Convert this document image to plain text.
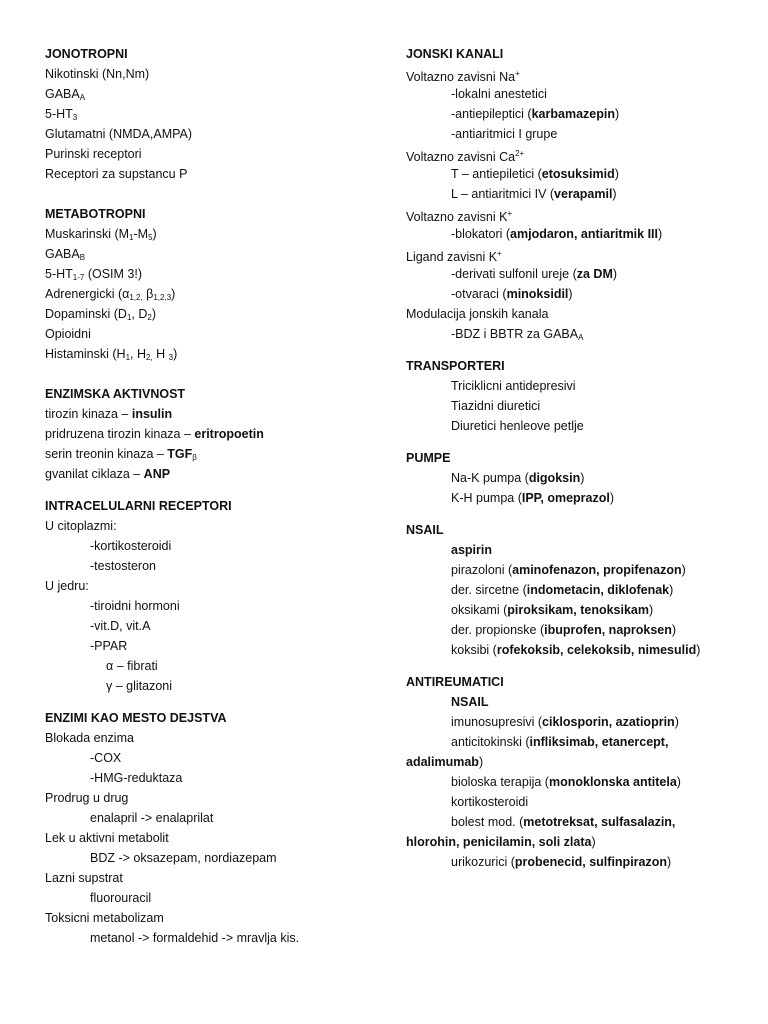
JONOTROPNI
Nikotinski (Nn,Nm)
$GABA_A$
$5-HT_3$
Glutamatni (NMDA,AMPA)
Purinski receptori
Receptori za supstancu P
METABOTROPNI
Muskarinski $(M_1-M_5)$
$GABA_B$
$5-HT_{1-7}$ (OSIM 3!)
Adrenergicki ($\alpha_{1,2,}$ $\beta_{1,2,3}$)
Dopaminski ($D_1$, $D_2$)
Opioidni
Histaminski ($H_1$, $H_{2,}$ H $_3$)
ENZIMSKA AKTIVNOST
tirozin kinaza – insulin
pridruzena tirozin kinaza – eritropoetin
serin treonin kinaza – $TGF_\beta$
gvanilat ciklaza – ANP
INTRACELULARNI RECEPTORI
U citoplazmi:
-kortikosteroidi
-testosteron
U jedru:
-tiroidni hormoni
-vit.D, vit.A
-PPAR
α – fibrati
γ – glitazoni
ENZIMI KAO MESTO DEJSTVA
Blokada enzima
-COX
-HMG-reduktaza
Prodrug u drug
enalapril -> enalaprilat
Lek u aktivni metabolit
BDZ -> oksazepam, nordiazepam
Lazni supstrat
fluorouracil
Toksicni metabolizam
metanol -> formaldehid -> mravlja kis.
JONSKI KANALI
Voltazno zavisni Na+
-lokalni anestetici
-antiepileptici (karbamazepin)
-antiaritmici I grupe
Voltazno zavisni $Ca^{2+}$
T – antiepiletici (etosuksimid)
L – antiaritmici IV (verapamil)
Voltazno zavisni K+
-blokatori (amjodaron, antiaritmik III)
Ligand zavisni K+
-derivati sulfonil ureje (za DM)
-otvaraci (minoksidil)
Modulacija jonskih kanala
-BDZ i BBTR za $GABA_A$
TRANSPORTERI
Triciklicni antidepresivi
Tiazidni diuretici
Diuretici henleove petlje
PUMPE
Na-K pumpa (digoksin)
K-H pumpa (IPP, omeprazol)
NSAIL
aspirin
pirazoloni (aminofenazon, propifenazon)
der. sircetne (indometacin, diklofenak)
oksikami (piroksikam, tenoksikam)
der. propionske (ibuprofen, naproksen)
koksibi (rofekoksib, celekoksib, nimesulid)
ANTIREUMATICI
NSAIL
imunosupresivi (ciklosporin, azatioprin)
anticitokinski (infliksimab, etanercept, adalimumab)
bioloska terapija (monoklonska antitela)
kortikosteroidi
bolest mod. (metotreksat, sulfasalazin, hlorohin, penicilamin, soli zlata)
urikozurici (probenecid, sulfinpirazon)
